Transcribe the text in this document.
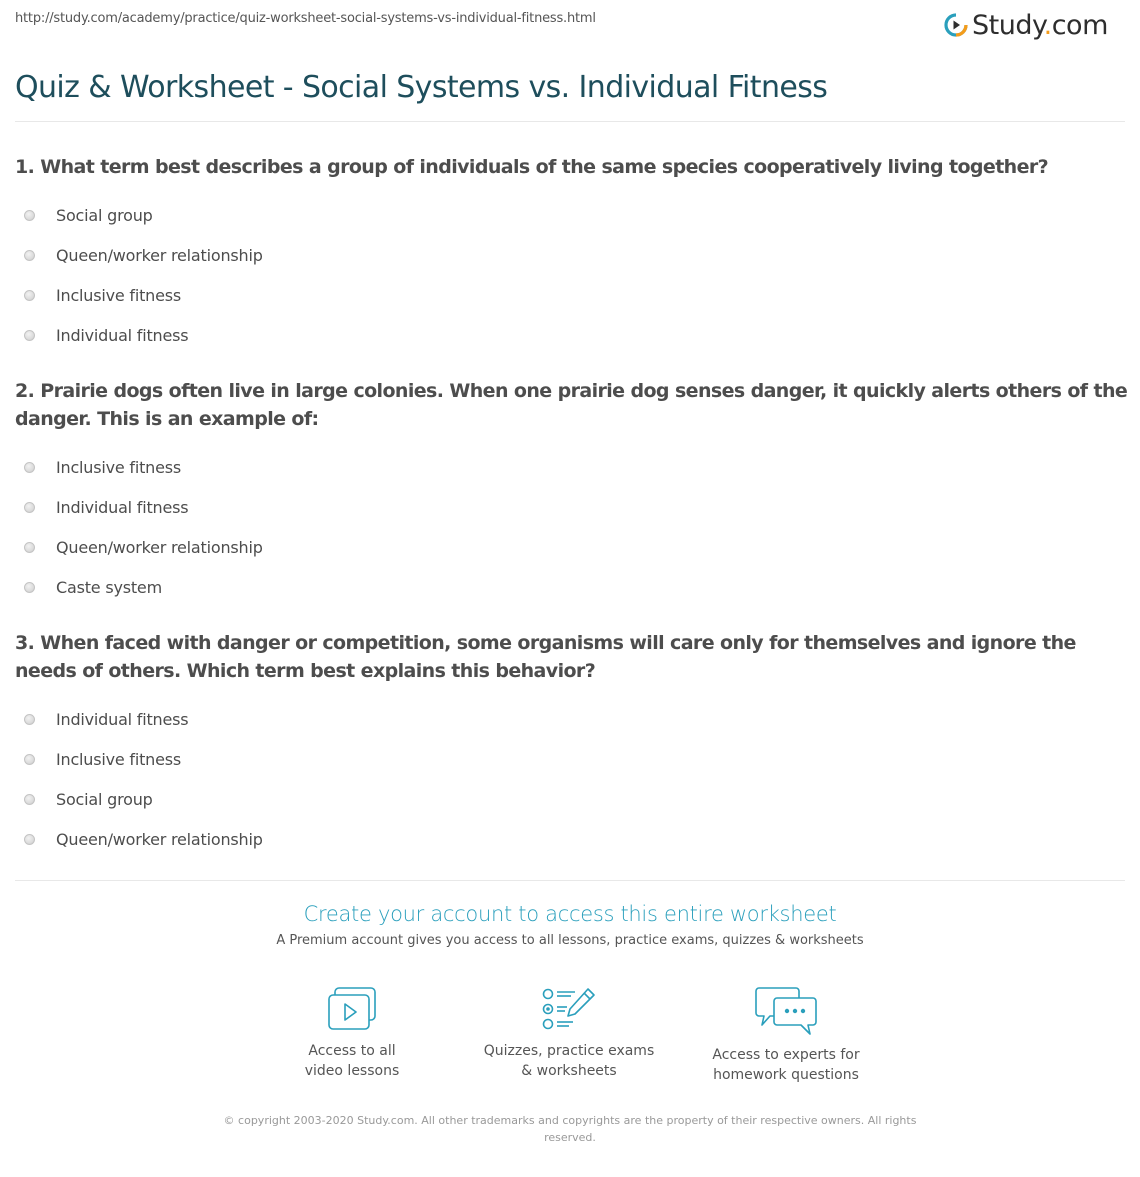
http://study.com/academy/practice/quiz-worksheet-social-systems-vs-individual-fitness.html	Study.com
Quiz & Worksheet - Social Systems vs. Individual Fitness
1. What term best describes a group of individuals of the same species cooperatively living together?
Social group
Queen/worker relationship
Inclusive fitness
Individual fitness
2. Prairie dogs often live in large colonies. When one prairie dog senses danger, it quickly alerts others of the danger. This is an example of:
Inclusive fitness
Individual fitness
Queen/worker relationship
Caste system
3. When faced with danger or competition, some organisms will care only for themselves and ignore the needs of others. Which term best explains this behavior?
Individual fitness
Inclusive fitness
Social group
Queen/worker relationship
Create your account to access this entire worksheet
A Premium account gives you access to all lessons, practice exams, quizzes & worksheets
Access to all
video lessons
Quizzes, practice exams
& worksheets
Access to experts for
homework questions
© copyright 2003-2020 Study.com. All other trademarks and copyrights are the property of their respective owners. All rights
reserved.
